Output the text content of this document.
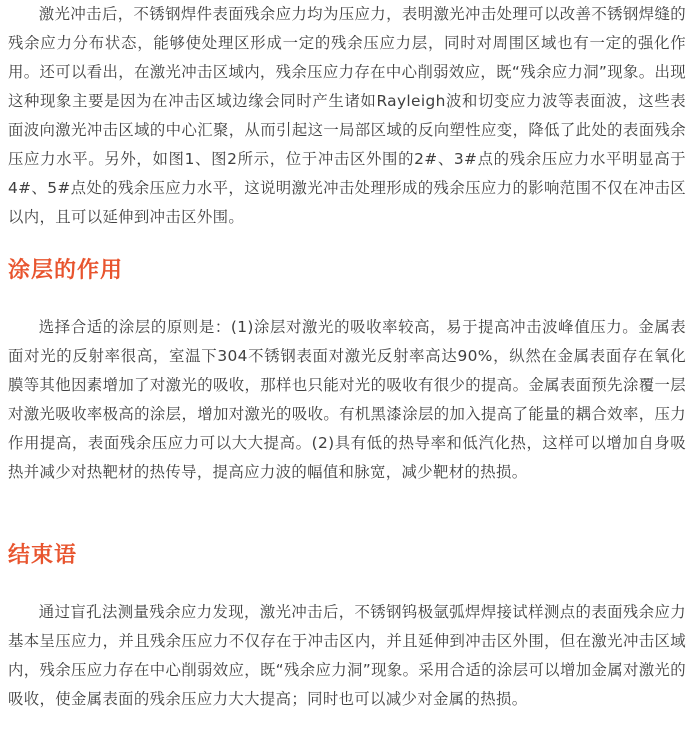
激光冲击后，不锈钢焊件表面残余应力均为压应力，表明激光冲击处理可以改善不锈钢焊缝的残余应力分布状态，能够使处理区形成一定的残余压应力层，同时对周围区域也有一定的强化作用。还可以看出，在激光冲击区域内，残余压应力存在中心削弱效应，既“残余应力洞”现象。出现这种现象主要是因为在冲击区域边缘会同时产生诸如Rayleigh波和切变应力波等表面波，这些表面波向激光冲击区域的中心汇聚，从而引起这一局部区域的反向塑性应变，降低了此处的表面残余压应力水平。另外，如图1、图2所示，位于冲击区外围的2#、3#点的残余压应力水平明显高于4#、5#点处的残余压应力水平，这说明激光冲击处理形成的残余压应力的影响范围不仅在冲击区以内，且可以延伸到冲击区外围。

涂层的作用

选择合适的涂层的原则是：(1)涂层对激光的吸收率较高，易于提高冲击波峰值压力。金属表面对光的反射率很高，室温下304不锈钢表面对激光反射率高达90%，纵然在金属表面存在氧化膜等其他因素增加了对激光的吸收，那样也只能对光的吸收有很少的提高。金属表面预先涂覆一层对激光吸收率极高的涂层，增加对激光的吸收。有机黑漆涂层的加入提高了能量的耦合效率，压力作用提高，表面残余压应力可以大大提高。(2)具有低的热导率和低汽化热，这样可以增加自身吸热并减少对热靶材的热传导，提高应力波的幅值和脉宽，减少靶材的热损。

结束语

通过盲孔法测量残余应力发现，激光冲击后，不锈钢钨极氩弧焊焊接试样测点的表面残余应力基本呈压应力，并且残余压应力不仅存在于冲击区内，并且延伸到冲击区外围，但在激光冲击区域内，残余压应力存在中心削弱效应，既“残余应力洞”现象。采用合适的涂层可以增加金属对激光的吸收，使金属表面的残余压应力大大提高；同时也可以减少对金属的热损。
